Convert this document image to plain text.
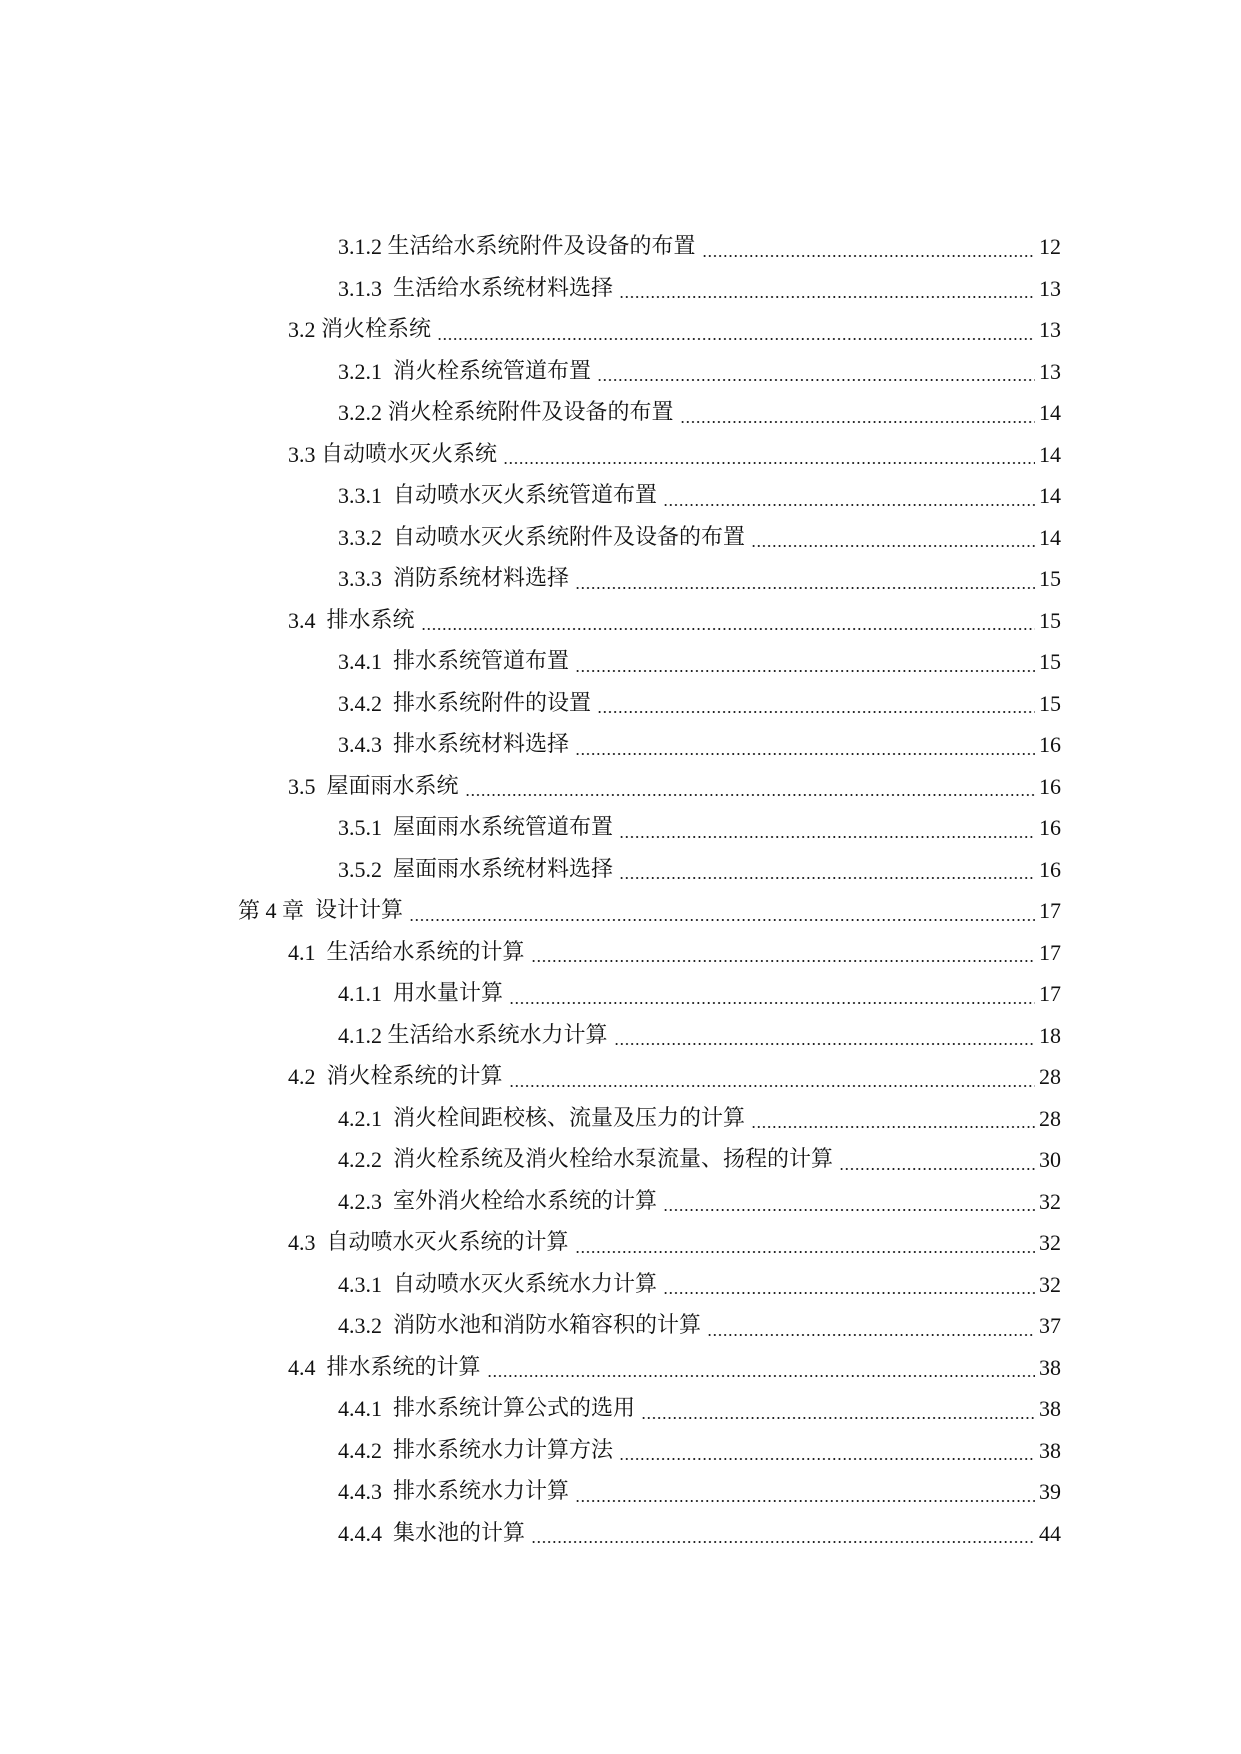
3.1.2 生活给水系统附件及设备的布置	12
3.1.3 生活给水系统材料选择	13
3.2 消火栓系统	13
3.2.1 消火栓系统管道布置	13
3.2.2 消火栓系统附件及设备的布置	14
3.3 自动喷水灭火系统	14
3.3.1 自动喷水灭火系统管道布置	14
3.3.2 自动喷水灭火系统附件及设备的布置	14
3.3.3 消防系统材料选择	15
3.4 排水系统	15
3.4.1 排水系统管道布置	15
3.4.2 排水系统附件的设置	15
3.4.3 排水系统材料选择	16
3.5 屋面雨水系统	16
3.5.1 屋面雨水系统管道布置	16
3.5.2 屋面雨水系统材料选择	16
第 4 章 设计计算	17
4.1 生活给水系统的计算	17
4.1.1 用水量计算	17
4.1.2 生活给水系统水力计算	18
4.2 消火栓系统的计算	28
4.2.1 消火栓间距校核、流量及压力的计算	28
4.2.2 消火栓系统及消火栓给水泵流量、扬程的计算	30
4.2.3 室外消火栓给水系统的计算	32
4.3 自动喷水灭火系统的计算	32
4.3.1 自动喷水灭火系统水力计算	32
4.3.2 消防水池和消防水箱容积的计算	37
4.4 排水系统的计算	38
4.4.1 排水系统计算公式的选用	38
4.4.2 排水系统水力计算方法	38
4.4.3 排水系统水力计算	39
4.4.4 集水池的计算	44
